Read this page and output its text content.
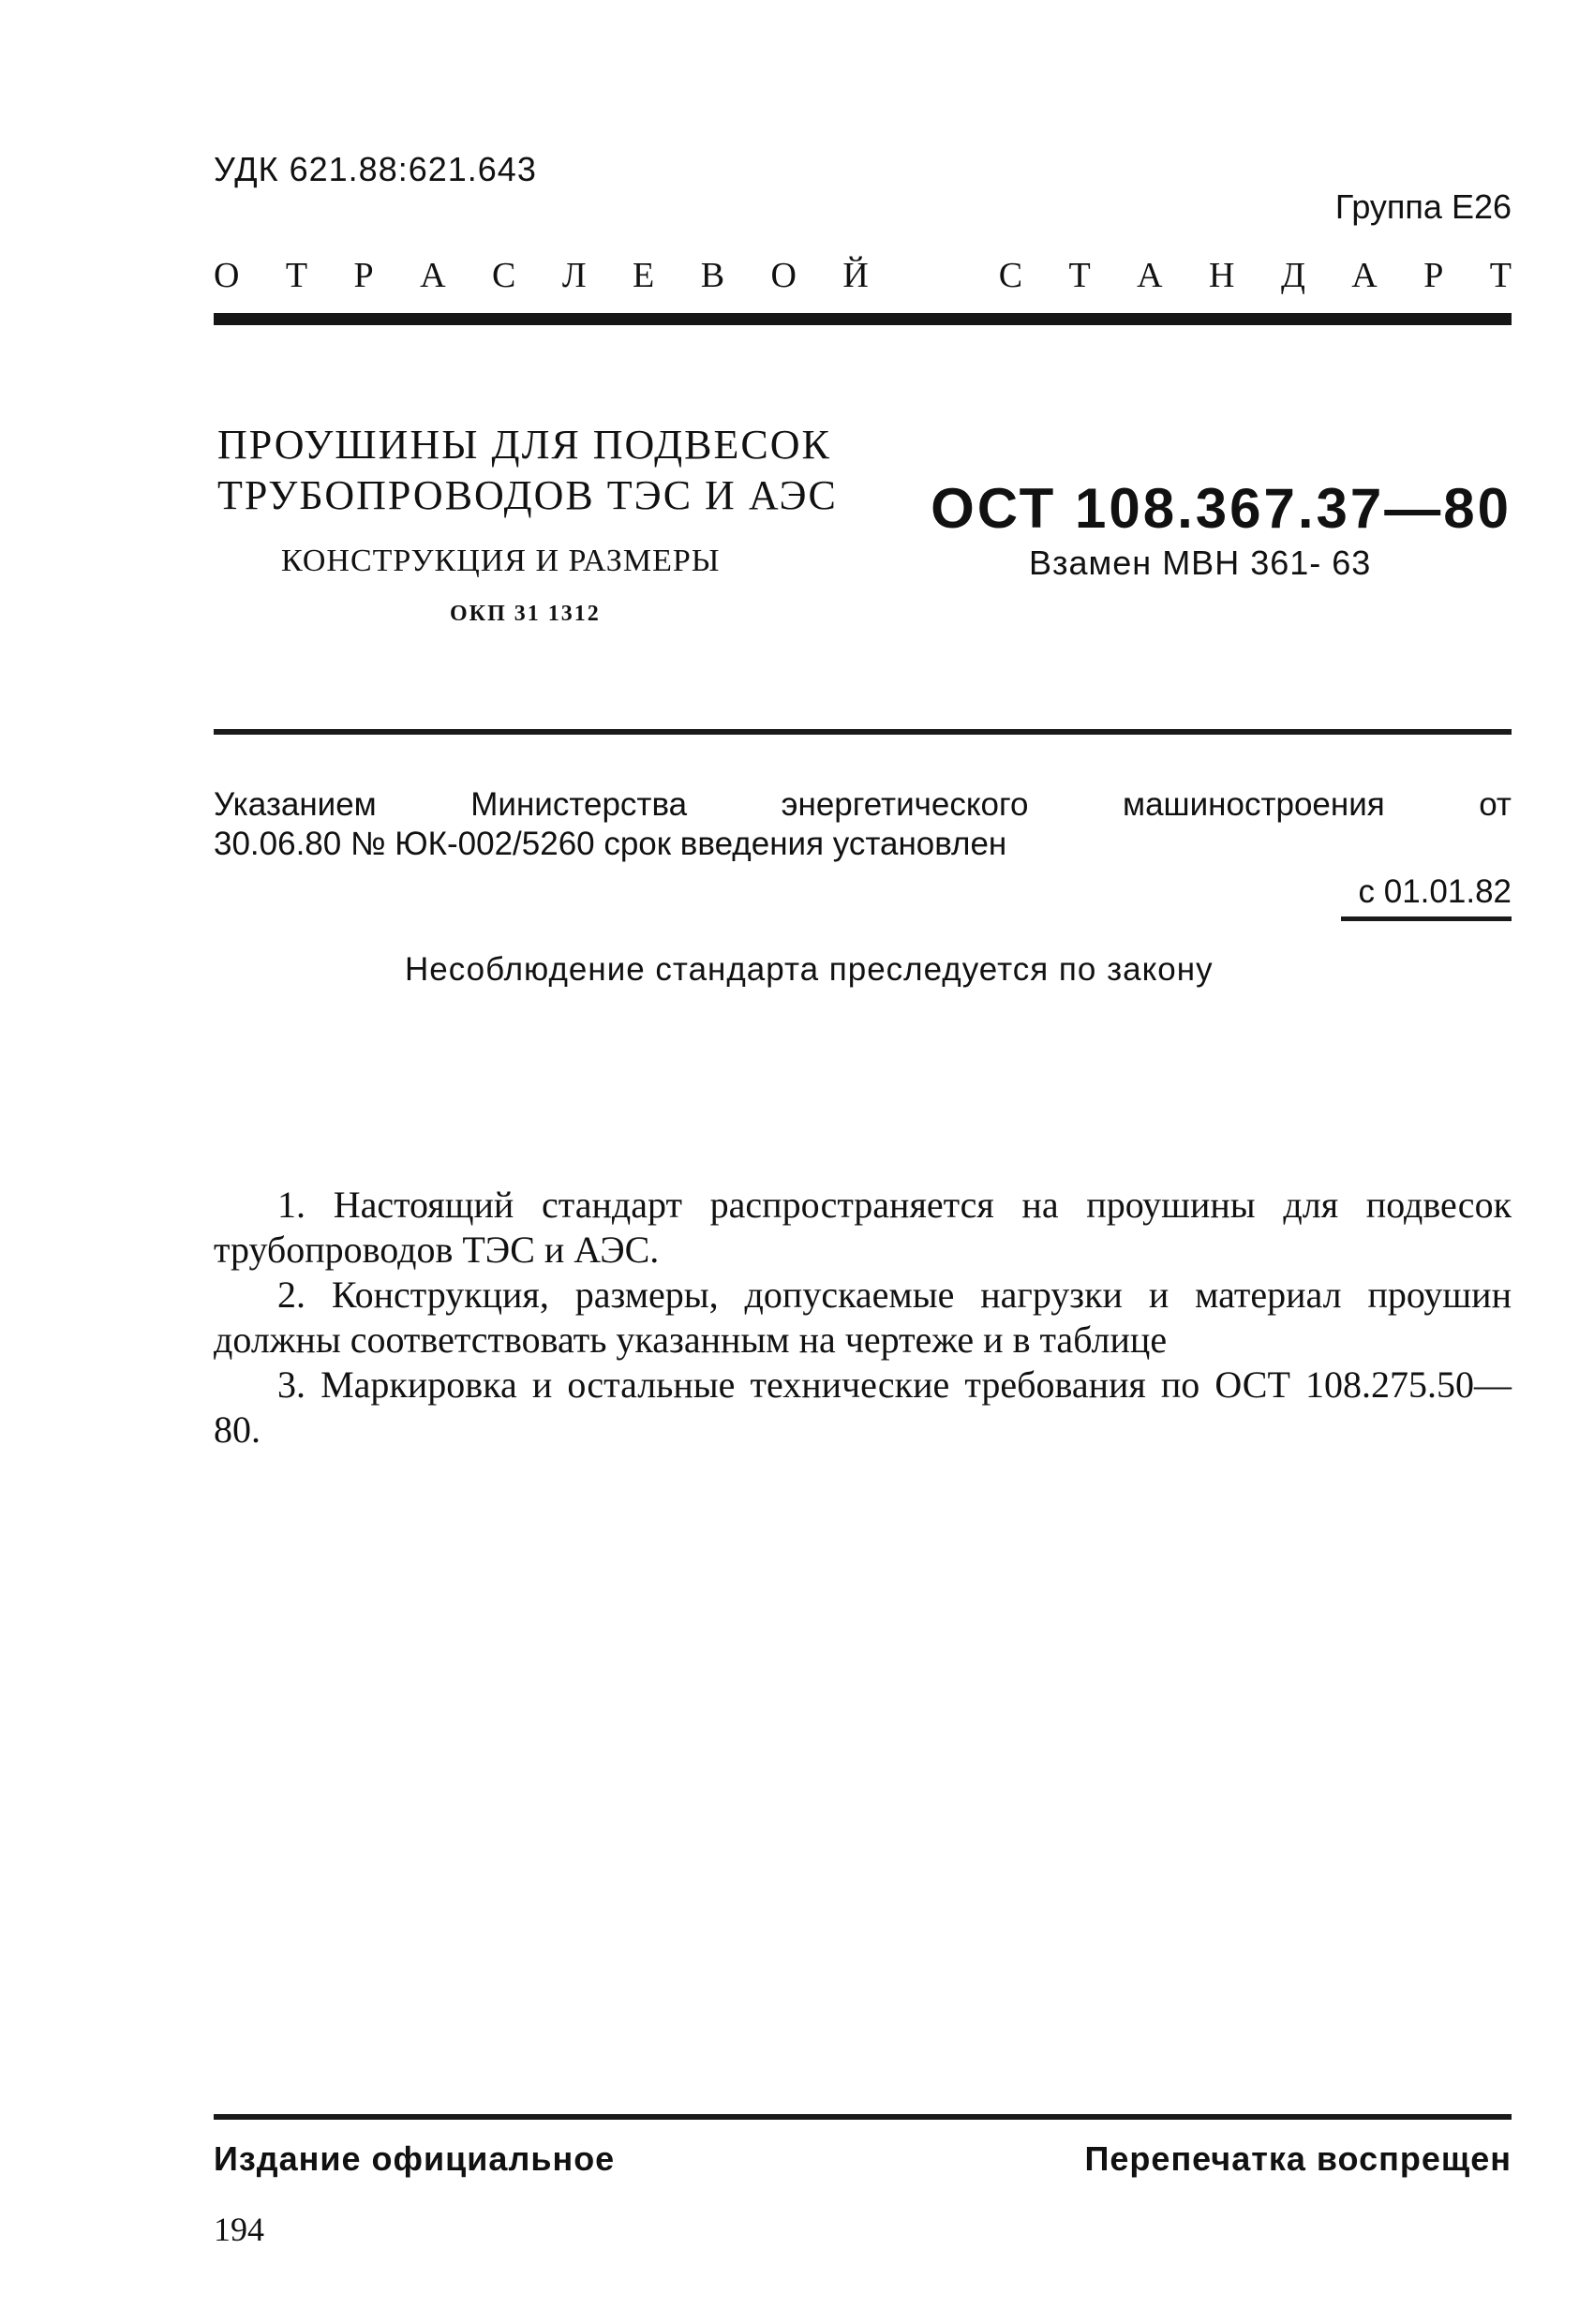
УДК 621.88:621.643
Группа Е26
О Т Р А С Л Е В О Й	С Т А Н Д А Р Т
ПРОУШИНЫ ДЛЯ ПОДВЕСОК
ТРУБОПРОВОДОВ ТЭС И АЭС
КОНСТРУКЦИЯ И РАЗМЕРЫ
ОКП 31 1312
ОСТ 108.367.37—80
Взамен МВН 361- 63
Указанием	Министерства	энергетического	машиностроения	от
30.06.80 № ЮК-002/5260 срок введения установлен
с 01.01.82
Несоблюдение стандарта преследуется по закону

1. Настоящий стандарт распространяется на проушины для подвесок трубопроводов ТЭС и АЭС.

2. Конструкция, размеры, допускаемые нагрузки и материал проушин должны соответствовать указанным на чертеже и в таблице

3. Маркировка и остальные технические требования по ОСТ 108.275.50—80.

Издание официальное	Перепечатка воспрещен
194
